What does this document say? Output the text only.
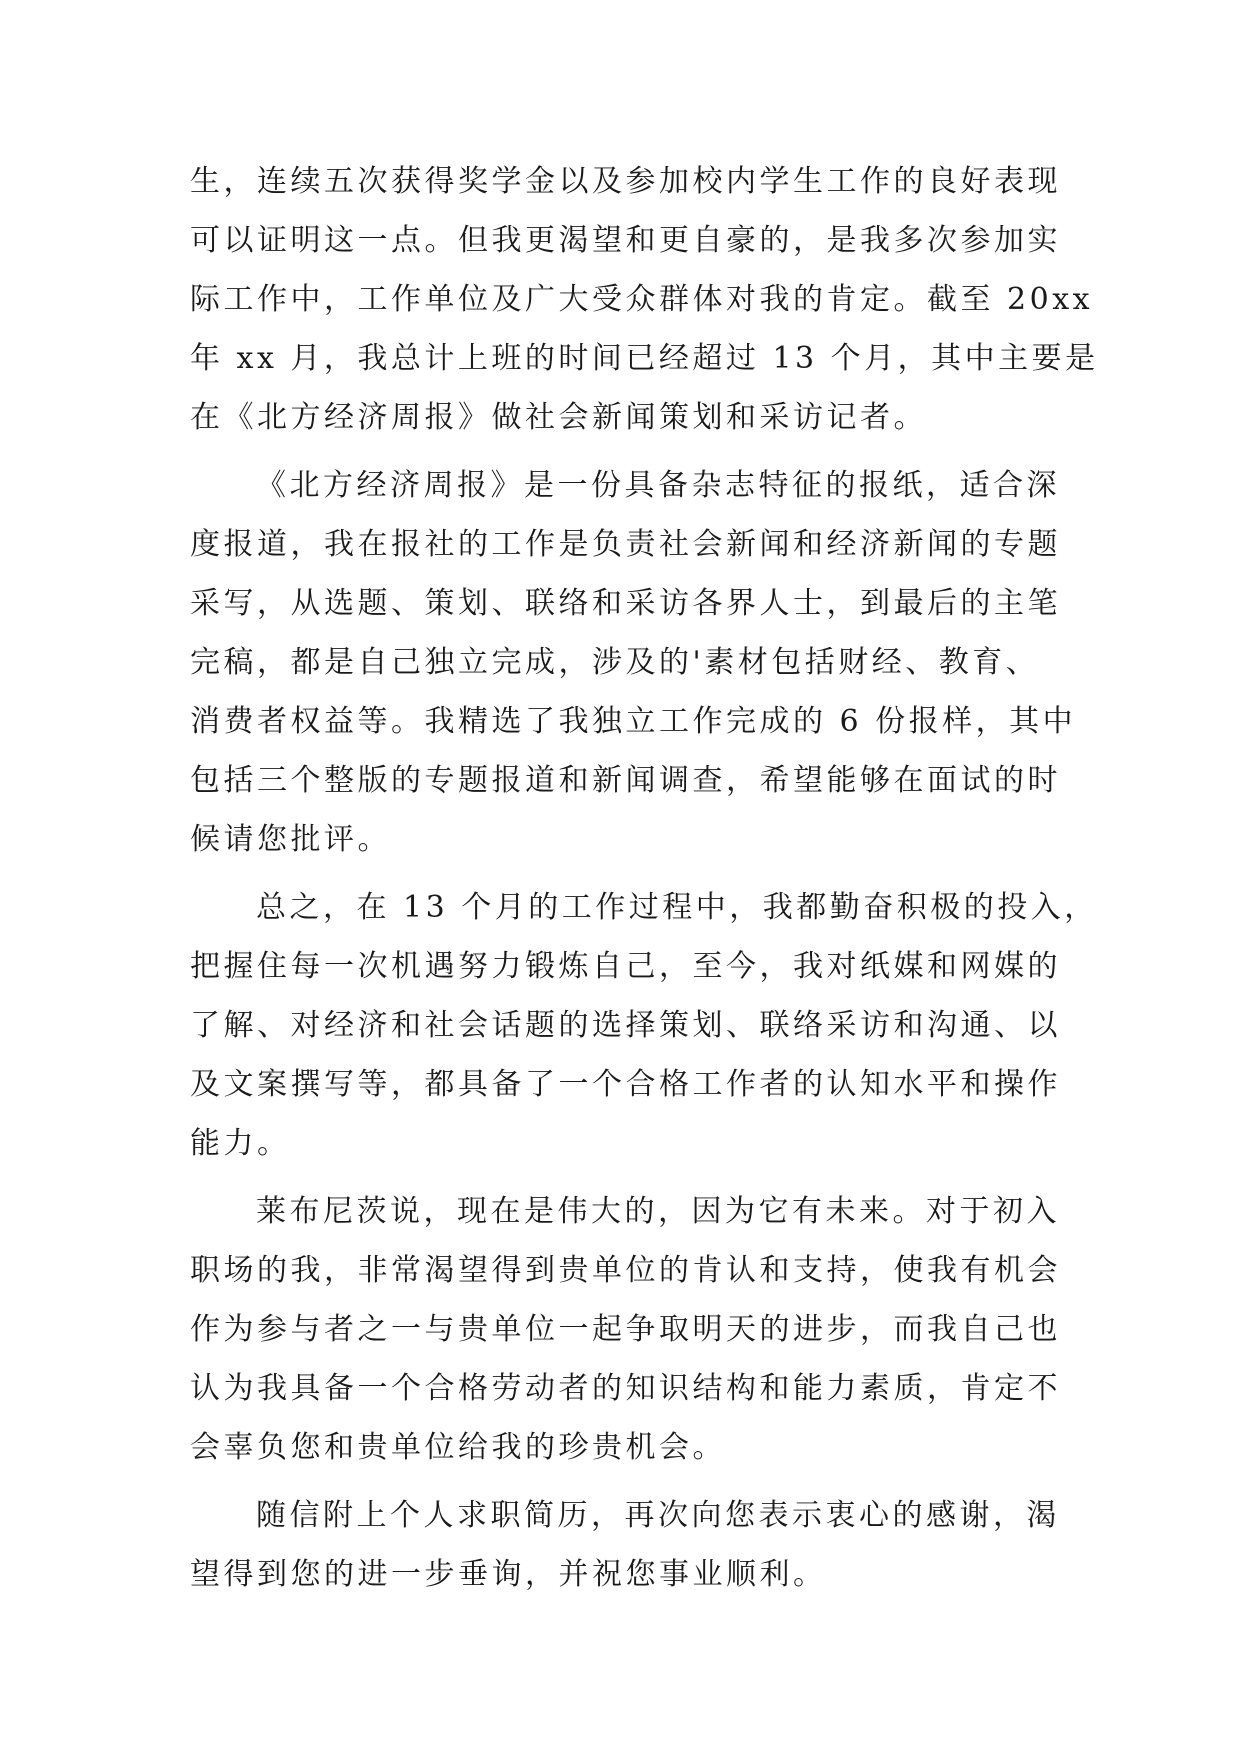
生，连续五次获得奖学金以及参加校内学生工作的良好表现
可以证明这一点。但我更渴望和更自豪的，是我多次参加实
际工作中，工作单位及广大受众群体对我的肯定。截至 20xx
年 xx 月，我总计上班的时间已经超过 13 个月，其中主要是
在《北方经济周报》做社会新闻策划和采访记者。
《北方经济周报》是一份具备杂志特征的报纸，适合深
度报道，我在报社的工作是负责社会新闻和经济新闻的专题
采写，从选题、策划、联络和采访各界人士，到最后的主笔
完稿，都是自己独立完成，涉及的'素材包括财经、教育、
消费者权益等。我精选了我独立工作完成的 6 份报样，其中
包括三个整版的专题报道和新闻调查，希望能够在面试的时
候请您批评。
总之，在 13 个月的工作过程中，我都勤奋积极的投入，
把握住每一次机遇努力锻炼自己，至今，我对纸媒和网媒的
了解、对经济和社会话题的选择策划、联络采访和沟通、以
及文案撰写等，都具备了一个合格工作者的认知水平和操作
能力。
莱布尼茨说，现在是伟大的，因为它有未来。对于初入
职场的我，非常渴望得到贵单位的肯认和支持，使我有机会
作为参与者之一与贵单位一起争取明天的进步，而我自己也
认为我具备一个合格劳动者的知识结构和能力素质，肯定不
会辜负您和贵单位给我的珍贵机会。
随信附上个人求职简历，再次向您表示衷心的感谢，渴
望得到您的进一步垂询，并祝您事业顺利。
